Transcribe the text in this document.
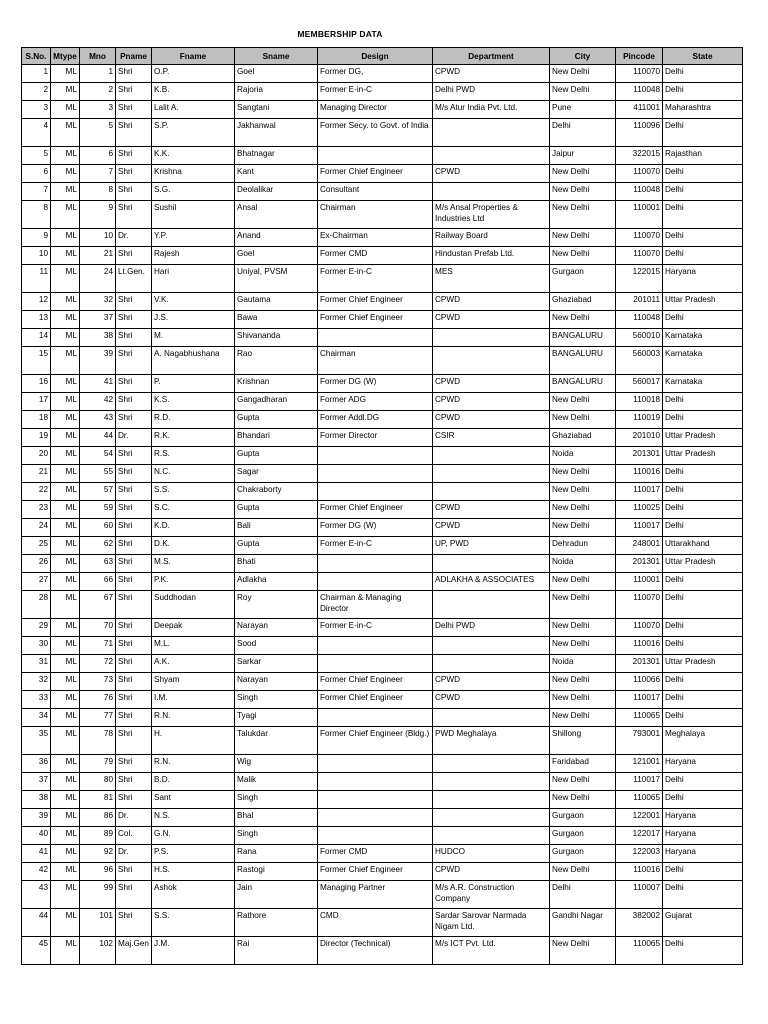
MEMBERSHIP DATA
S.No.	Mtype	Mno	Pname	Fname	Sname	Design	Department	City	Pincode	State
1	ML	1	Shri	O.P.	Goel	Former DG,	CPWD	New Delhi	110070	Delhi
2	ML	2	Shri	K.B.	Rajoria	Former E-in-C	Delhi PWD	New Delhi	110048	Delhi
3	ML	3	Shri	Lalit A.	Sangtani	Managing Director	M/s Atur India Pvt. Ltd.	Pune	411001	Maharashtra
4	ML	5	Shri	S.P.	Jakhanwal	Former Secy. to Govt. of India		Delhi	110096	Delhi
5	ML	6	Shri	K.K.	Bhatnagar			Jaipur	322015	Rajasthan
6	ML	7	Shri	Krishna	Kant	Former Chief Engineer	CPWD	New Delhi	110070	Delhi
7	ML	8	Shri	S.G.	Deolalikar	Consultant		New Delhi	110048	Delhi
8	ML	9	Shri	Sushil	Ansal	Chairman	M/s Ansal Properties & Industries Ltd	New Delhi	110001	Delhi
9	ML	10	Dr.	Y.P.	Anand	Ex-Chairman	Railway Board	New Delhi	110070	Delhi
10	ML	21	Shri	Rajesh	Goel	Former CMD	Hindustan Prefab Ltd.	New Delhi	110070	Delhi
11	ML	24	Lt.Gen.	Hari	Uniyal, PVSM	Former E-in-C	MES	Gurgaon	122015	Haryana
12	ML	32	Shri	V.K.	Gautama	Former Chief Engineer	CPWD	Ghaziabad	201011	Uttar Pradesh
13	ML	37	Shri	J.S.	Bawa	Former Chief Engineer	CPWD	New Delhi	110048	Delhi
14	ML	38	Shri	M.	Shivananda			BANGALURU	560010	Karnataka
15	ML	39	Shri	A. Nagabhushana	Rao	Chairman		BANGALURU	560003	Karnataka
16	ML	41	Shri	P.	Krishnan	Former DG (W)	CPWD	BANGALURU	560017	Karnataka
17	ML	42	Shri	K.S.	Gangadharan	Former ADG	CPWD	New Delhi	110018	Delhi
18	ML	43	Shri	R.D.	Gupta	Former Addl.DG	CPWD	New Delhi	110019	Delhi
19	ML	44	Dr.	R.K.	Bhandari	Former Director	CSIR	Ghaziabad	201010	Uttar Pradesh
20	ML	54	Shri	R.S.	Gupta			Noida	201301	Uttar Pradesh
21	ML	55	Shri	N.C.	Sagar			New Delhi	110016	Delhi
22	ML	57	Shri	S.S.	Chakraborty			New Delhi	110017	Delhi
23	ML	59	Shri	S.C.	Gupta	Former Chief Engineer	CPWD	New Delhi	110025	Delhi
24	ML	60	Shri	K.D.	Bali	Former DG (W)	CPWD	New Delhi	110017	Delhi
25	ML	62	Shri	D.K.	Gupta	Former E-in-C	UP, PWD	Dehradun	248001	Uttarakhand
26	ML	63	Shri	M.S.	Bhati			Noida	201301	Uttar Pradesh
27	ML	66	Shri	P.K.	Adlakha		ADLAKHA & ASSOCIATES	New Delhi	110001	Delhi
28	ML	67	Shri	Suddhodan	Roy	Chairman & Managing Director		New Delhi	110070	Delhi
29	ML	70	Shri	Deepak	Narayan	Former E-in-C	Delhi PWD	New Delhi	110070	Delhi
30	ML	71	Shri	M.L.	Sood			New Delhi	110016	Delhi
31	ML	72	Shri	A.K.	Sarkar			Noida	201301	Uttar Pradesh
32	ML	73	Shri	Shyam	Narayan	Former Chief Engineer	CPWD	New Delhi	110066	Delhi
33	ML	76	Shri	I.M.	Singh	Former Chief Engineer	CPWD	New Delhi	110017	Delhi
34	ML	77	Shri	R.N.	Tyagi			New Delhi	110065	Delhi
35	ML	78	Shri	H.	Talukdar	Former Chief Engineer (Bldg.)	PWD Meghalaya	Shillong	793001	Meghalaya
36	ML	79	Shri	R.N.	Wig			Faridabad	121001	Haryana
37	ML	80	Shri	B.D.	Malik			New Delhi	110017	Delhi
38	ML	81	Shri	Sant	Singh			New Delhi	110065	Delhi
39	ML	86	Dr.	N.S.	Bhal			Gurgaon	122001	Haryana
40	ML	89	Col.	G.N.	Singh			Gurgaon	122017	Haryana
41	ML	92	Dr.	P.S.	Rana	Former CMD	HUDCO	Gurgaon	122003	Haryana
42	ML	96	Shri	H.S.	Rastogi	Former Chief Engineer	CPWD	New Delhi	110016	Delhi
43	ML	99	Shri	Ashok	Jain	Managing Partner	M/s A.R. Construction Company	Delhi	110007	Delhi
44	ML	101	Shri	S.S.	Rathore	CMD	Sardar Sarovar Narmada Nigam Ltd.	Gandhi Nagar	382002	Gujarat
45	ML	102	Maj.Gen	J.M.	Rai	Director (Technical)	M/s ICT Pvt. Ltd.	New Delhi	110065	Delhi
